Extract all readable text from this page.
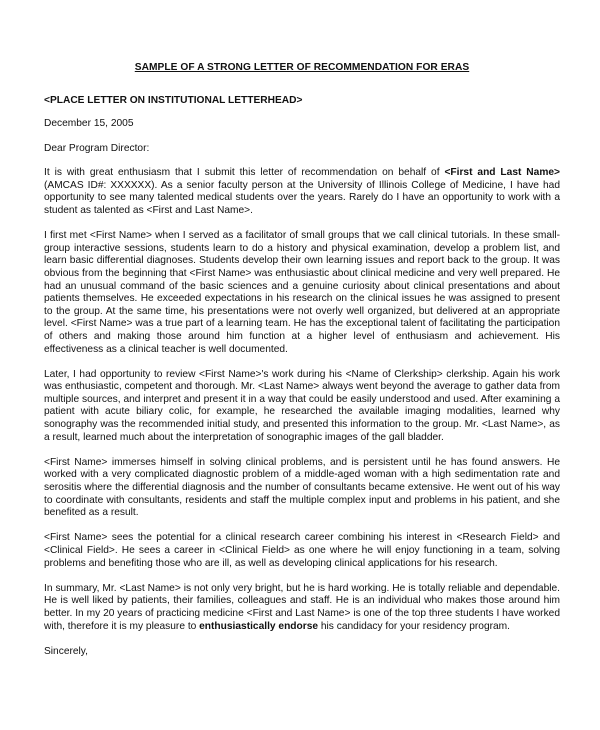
SAMPLE OF A STRONG LETTER OF RECOMMENDATION FOR ERAS
<PLACE LETTER ON INSTITUTIONAL LETTERHEAD>
December 15, 2005
Dear Program Director:
It is with great enthusiasm that I submit this letter of recommendation on behalf of <First and Last Name> (AMCAS ID#: XXXXXX). As a senior faculty person at the University of Illinois College of Medicine, I have had opportunity to see many talented medical students over the years. Rarely do I have an opportunity to work with a student as talented as <First and Last Name>.
I first met <First Name> when I served as a facilitator of small groups that we call clinical tutorials. In these small-group interactive sessions, students learn to do a history and physical examination, develop a problem list, and learn basic differential diagnoses. Students develop their own learning issues and report back to the group. It was obvious from the beginning that <First Name> was enthusiastic about clinical medicine and very well prepared. He had an unusual command of the basic sciences and a genuine curiosity about clinical presentations and about patients themselves. He exceeded expectations in his research on the clinical issues he was assigned to present to the group. At the same time, his presentations were not overly well organized, but delivered at an appropriate level. <First Name> was a true part of a learning team. He has the exceptional talent of facilitating the participation of others and making those around him function at a higher level of enthusiasm and achievement. His effectiveness as a clinical teacher is well documented.
Later, I had opportunity to review <First Name>'s work during his <Name of Clerkship> clerkship. Again his work was enthusiastic, competent and thorough. Mr. <Last Name> always went beyond the average to gather data from multiple sources, and interpret and present it in a way that could be easily understood and used. After examining a patient with acute biliary colic, for example, he researched the available imaging modalities, learned why sonography was the recommended initial study, and presented this information to the group. Mr. <Last Name>, as a result, learned much about the interpretation of sonographic images of the gall bladder.
<First Name> immerses himself in solving clinical problems, and is persistent until he has found answers. He worked with a very complicated diagnostic problem of a middle-aged woman with a high sedimentation rate and serositis where the differential diagnosis and the number of consultants became extensive. He went out of his way to coordinate with consultants, residents and staff the multiple complex input and problems in his patient, and she benefited as a result.
<First Name> sees the potential for a clinical research career combining his interest in <Research Field> and <Clinical Field>. He sees a career in <Clinical Field> as one where he will enjoy functioning in a team, solving problems and benefiting those who are ill, as well as developing clinical applications for his research.
In summary, Mr. <Last Name> is not only very bright, but he is hard working. He is totally reliable and dependable. He is well liked by patients, their families, colleagues and staff. He is an individual who makes those around him better. In my 20 years of practicing medicine <First and Last Name> is one of the top three students I have worked with, therefore it is my pleasure to enthusiastically endorse his candidacy for your residency program.
Sincerely,
